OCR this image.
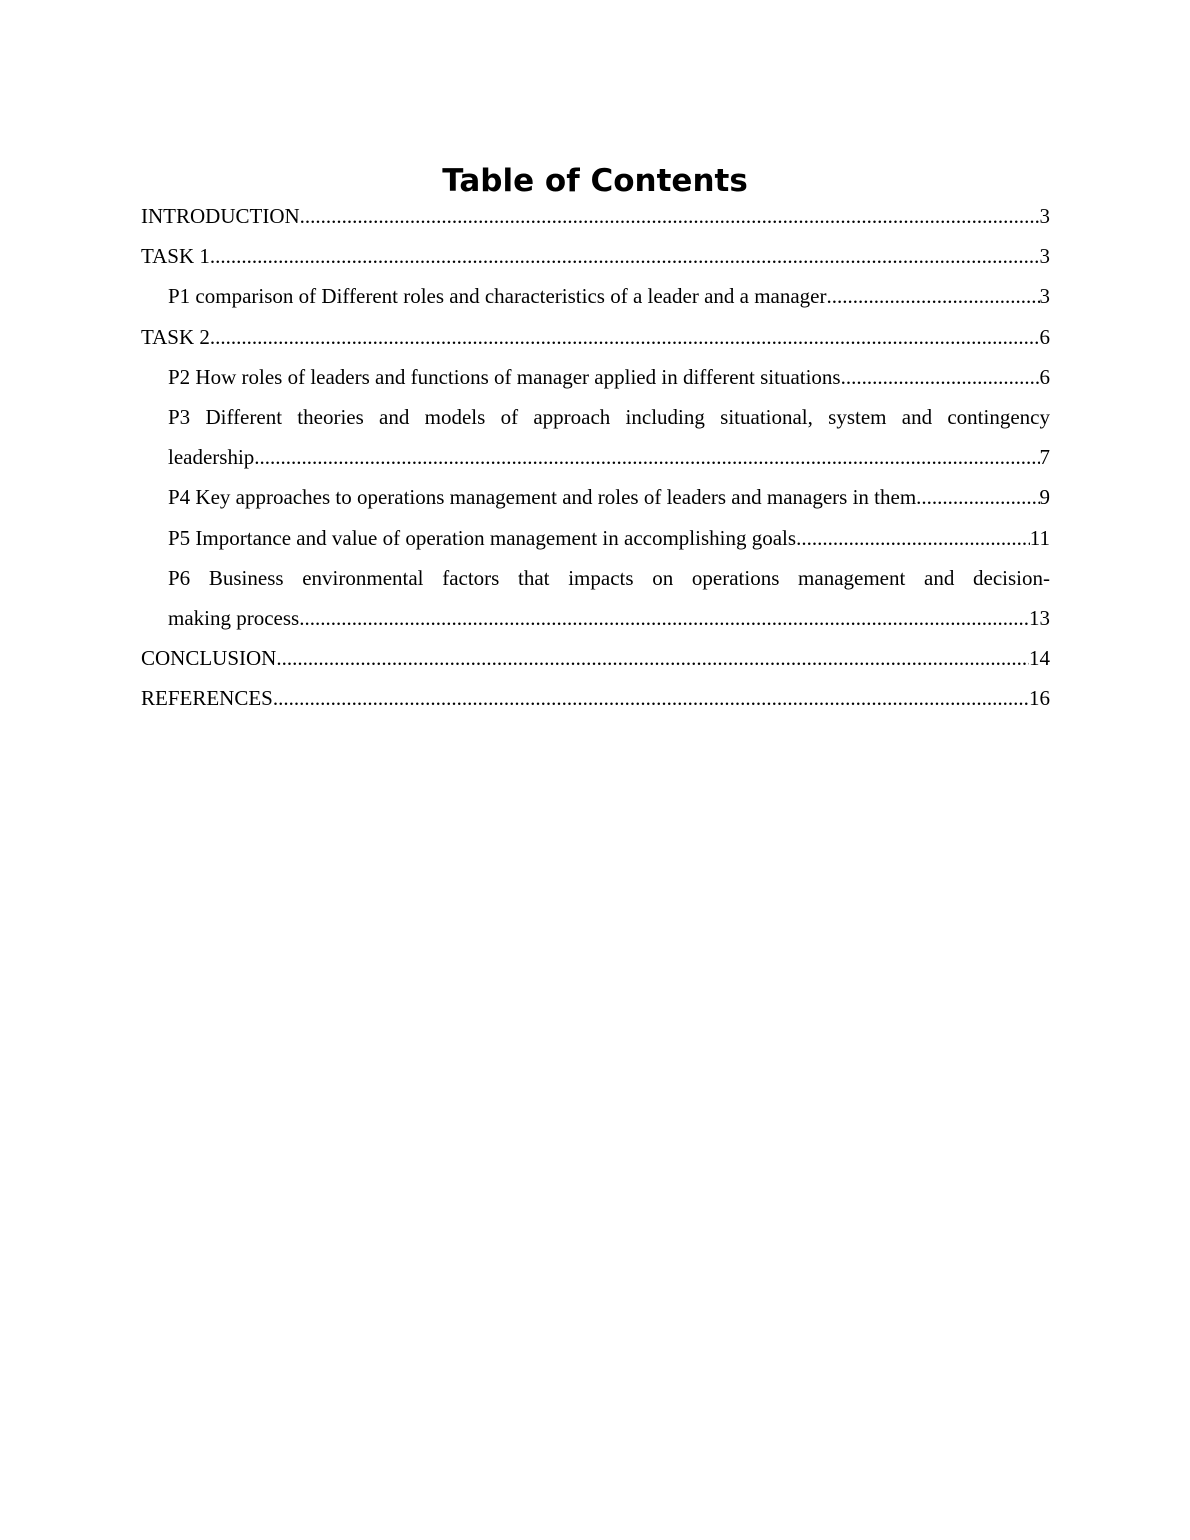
Table of Contents
INTRODUCTION .....	3
TASK 1 .....	3
P1 comparison of Different roles and characteristics of a leader and a manager .....	3
TASK 2 .....	6
P2 How roles of leaders and functions of manager applied in different situations .....	6
P3 Different theories and models of approach including situational, system and contingency
leadership .....	7
P4 Key approaches to operations management and roles of leaders and managers in them. .....	9
P5 Importance and value of operation management in accomplishing goals .....	11
P6 Business environmental factors that impacts on operations management and decision-
making process .....	13
CONCLUSION .....	14
REFERENCES .....	16
